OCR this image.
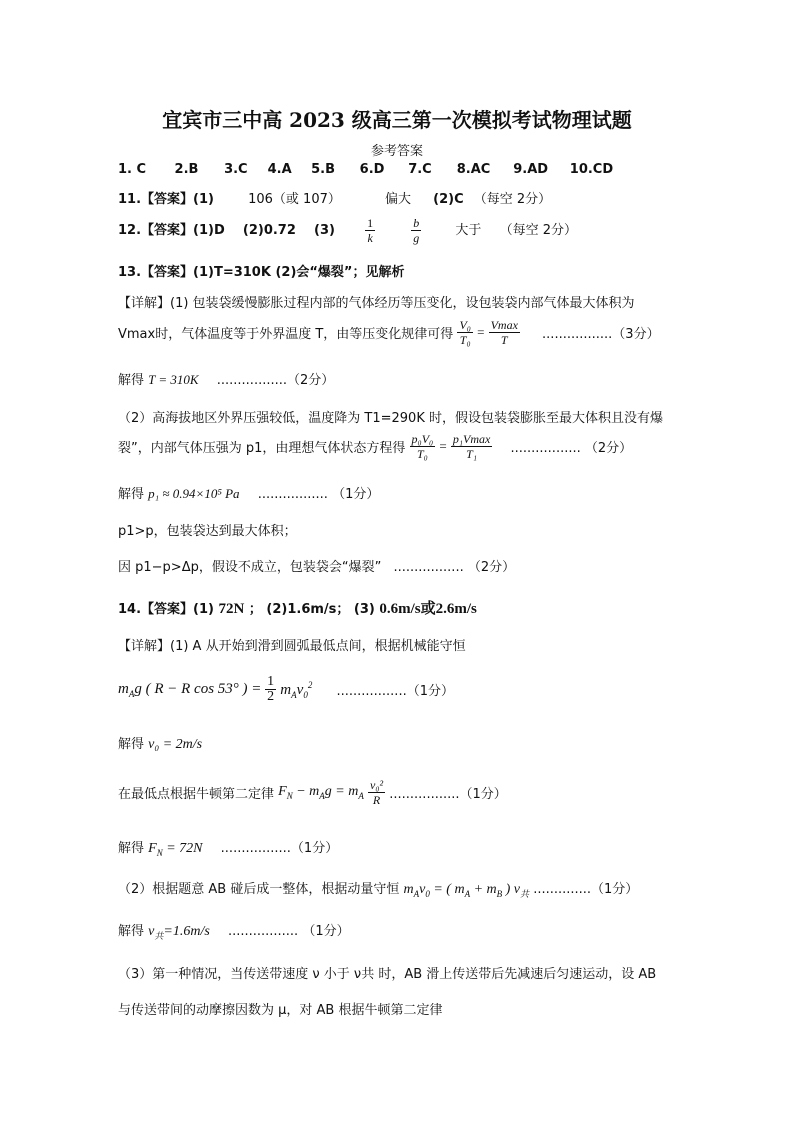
宜宾市三中高 2023 级高三第一次模拟考试物理试题
参考答案
1. C 2.B 3.C 4.A 5.B 6.D 7.C 8.AC 9.AD 10.CD
11.【答案】(1)	106（或 107）	偏大 (2)C （每空 2分）
12.【答案】(1)D (2)0.72 (3)	$\frac{1}{k}$
	$\frac{b}{g}$	大于 （每空 2分）
13.【答案】(1)T=310K (2)会“爆裂”；见解析
【详解】(1) 包装袋缓慢膨胀过程内部的气体经历等压变化，设包装袋内部气体最大体积为
Vmax时，气体温度等于外界温度 T，由等压变化规律可得 $\frac{\text{V₀}}{\text{T₀}} = \frac{Vmax}{T} .................(3$分）
解得 T = 310K .................（2分）
（2）高海拔地区外界压强较低，温度降为 T1=290K 时，假设包装袋膨胀至最大体积且没有爆
裂”，内部气体压强为 p1，由理想气体状态方程得 $\frac{\text{p₀V₀}}{\text{T₀}} = \frac{\text{p₁Vmax}}{\text{T₁}}$ ................. （2分）
解得 p₁ ≈ 0.94×10⁵ Pa ................. （1分）
p1>p，包装袋达到最大体积；
因 p1−p>Δp，假设不成立，包装袋会“爆裂” ................. （2分）
14.【答案】(1) 72N ； (2)1.6m/s； (3) 0.6m/s或2.6m/s
【详解】(1) A 从开始到滑到圆弧最低点间，根据机械能守恒
$m_Ag$ ( R − R cos 53° ) = $\frac{1}{2} m_Av_0^2$ .................（1分）
解得 v₀ = 2m/s
在最低点根据牛顿第二定律 $F_N - m_Ag = m_A \frac{\text{v₀²}}{R} .................(1$分）
解得 $F_N = 72N$ .................（1分）
（2）根据题意 AB 碰后成一整体，根据动量守恒 $m_Av_0$ = ( $m_A + m_B$ ) $v_共$ ..............（1分）
解得 $v_共=1.6m/s$ ................. （1分）
（3）第一种情况，当传送带速度 ν 小于 ν共 时，AB 滑上传送带后先减速后匀速运动，设 AB
与传送带间的动摩擦因数为 μ，对 AB 根据牛顿第二定律
